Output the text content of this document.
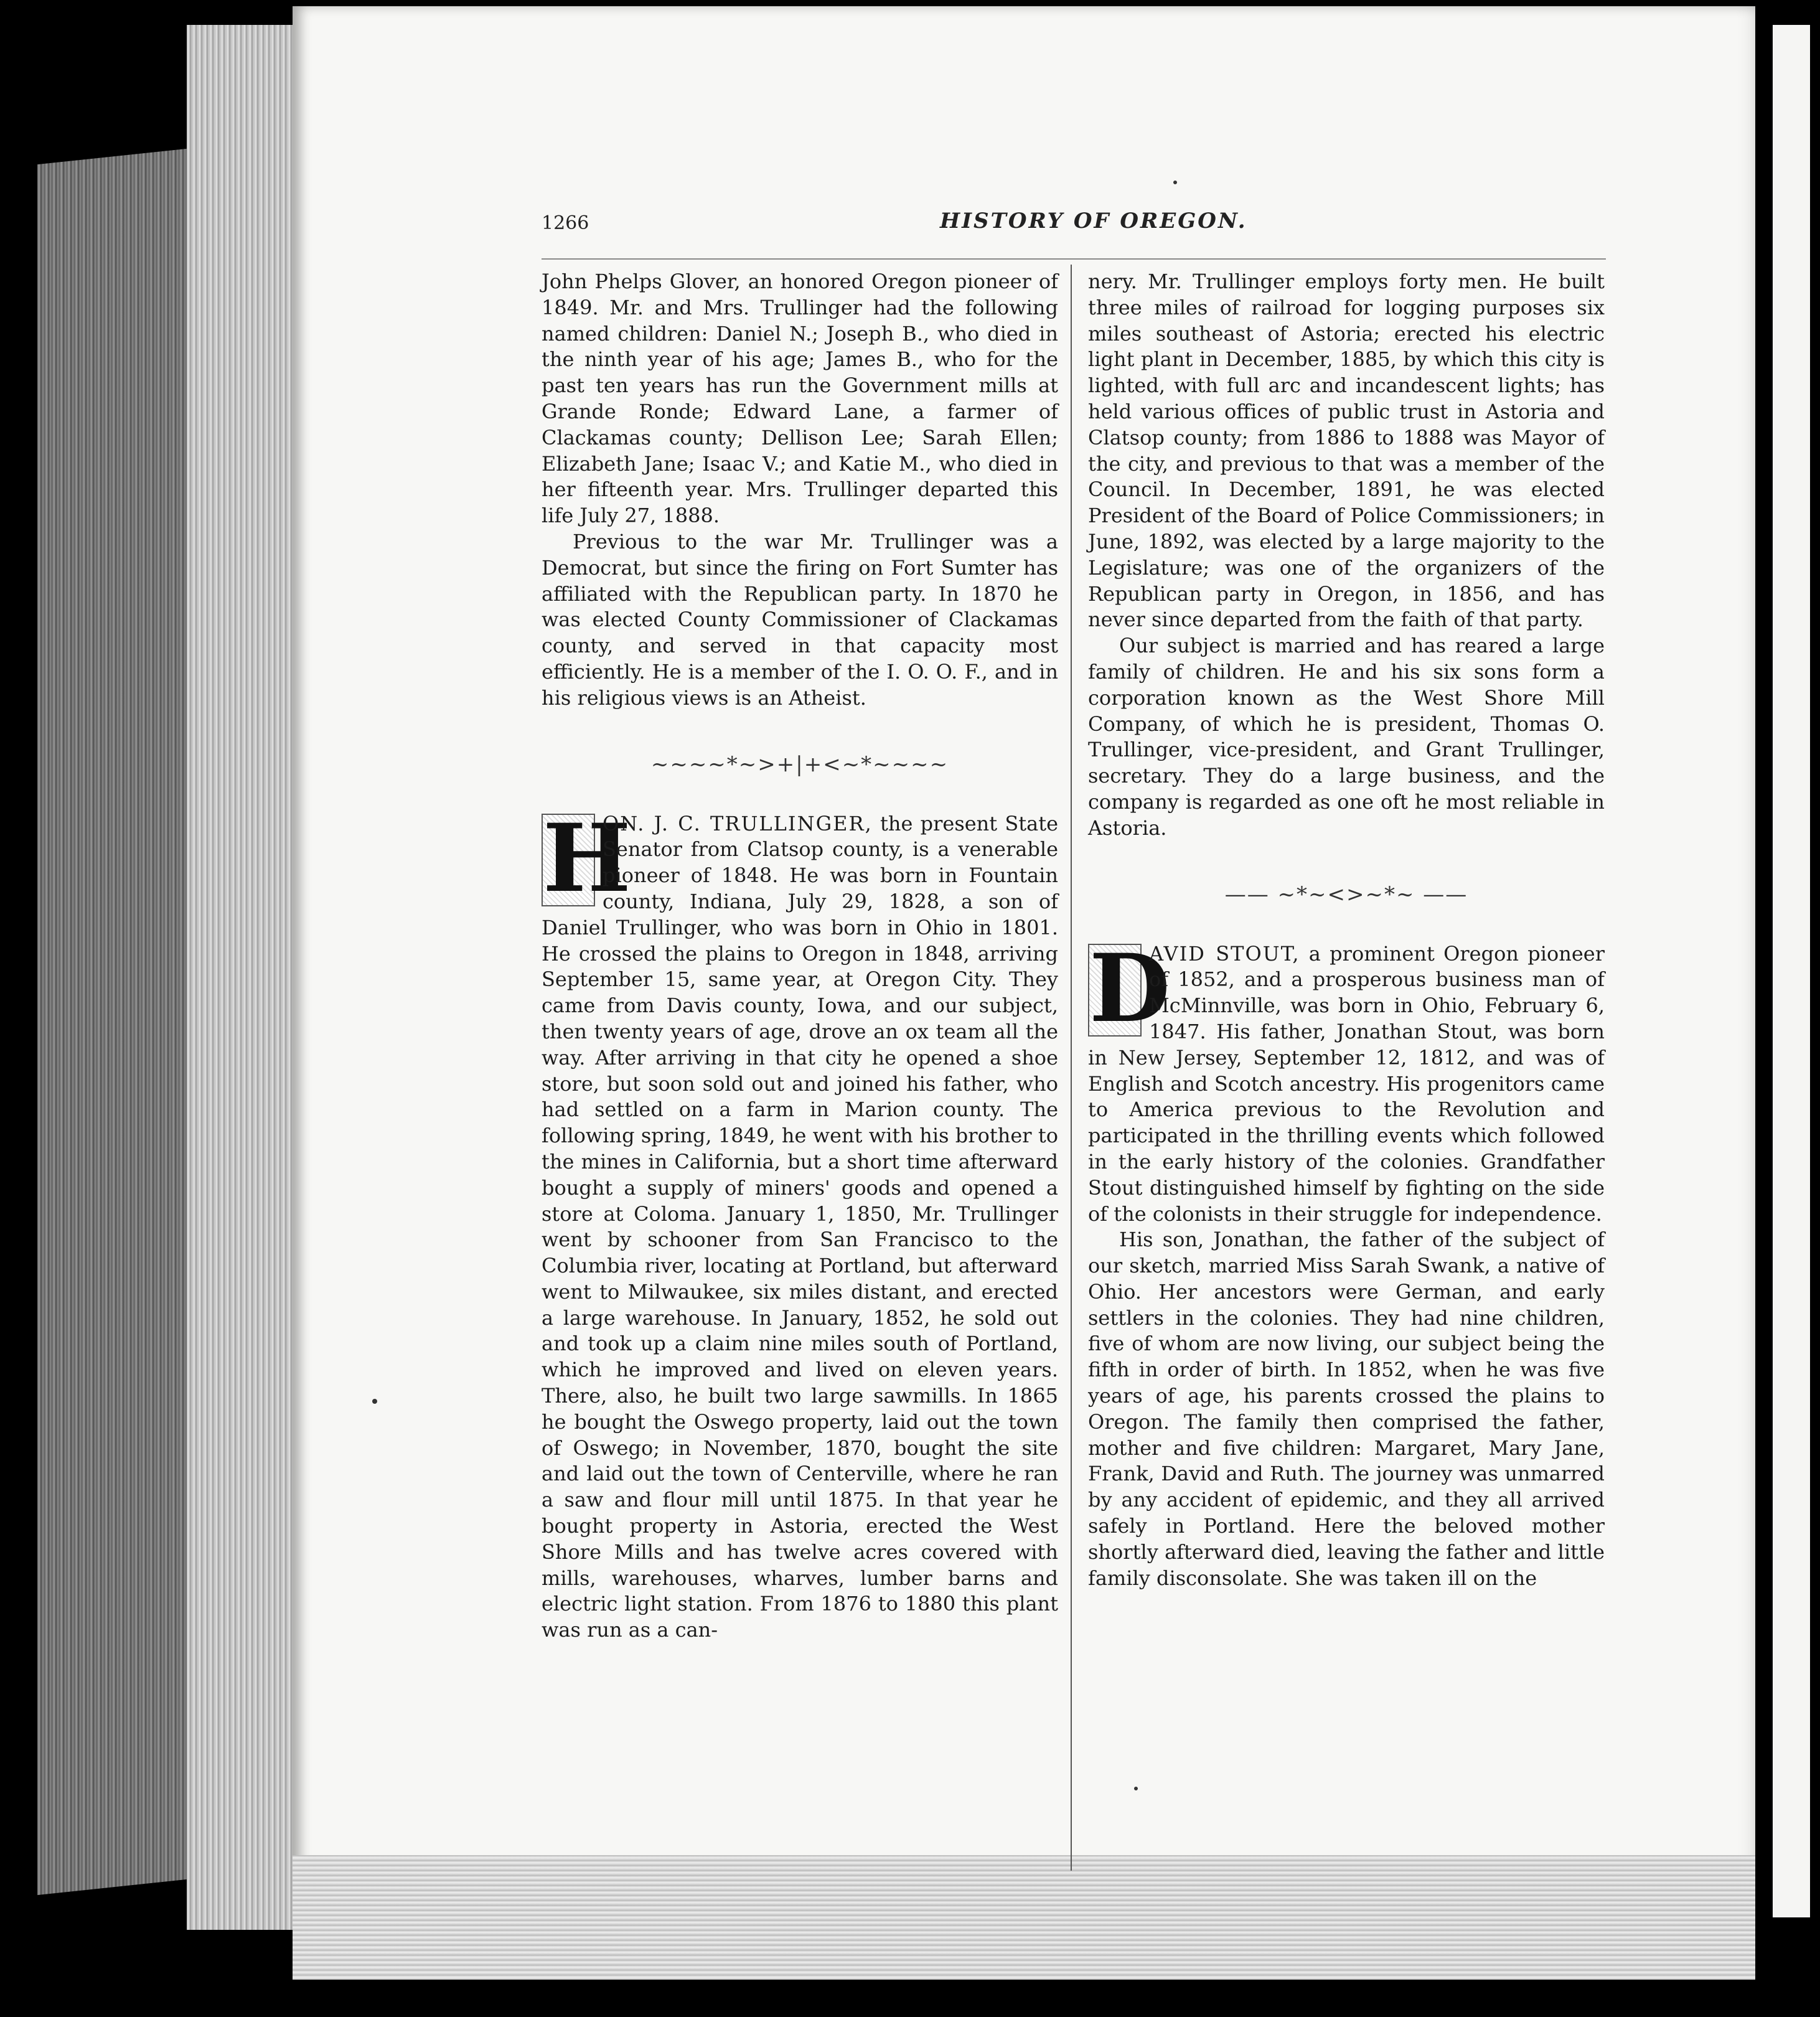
1266	HISTORY OF OREGON.

John Phelps Glover, an honored Oregon pioneer of 1849. Mr. and Mrs. Trullinger had the following named children: Daniel N.; Joseph B., who died in the ninth year of his age; James B., who for the past ten years has run the Government mills at Grande Ronde; Edward Lane, a farmer of Clackamas county; Dellison Lee; Sarah Ellen; Elizabeth Jane; Isaac V.; and Katie M., who died in her fifteenth year. Mrs. Trullinger departed this life July 27, 1888.

Previous to the war Mr. Trullinger was a Democrat, but since the firing on Fort Sumter has affiliated with the Republican party. In 1870 he was elected County Commissioner of Clackamas county, and served in that capacity most efficiently. He is a member of the I. O. O. F., and in his religious views is an Atheist.

~~~~*~>+|+<~*~~~~

H
ON. J. C. TRULLINGER, the present State Senator from Clatsop county, is a venerable pioneer of 1848. He was born in Fountain county, Indiana, July 29, 1828, a son of Daniel Trullinger, who was born in Ohio in 1801. He crossed the plains to Oregon in 1848, arriving September 15, same year, at Oregon City. They came from Davis county, Iowa, and our subject, then twenty years of age, drove an ox team all the way. After arriving in that city he opened a shoe store, but soon sold out and joined his father, who had settled on a farm in Marion county. The following spring, 1849, he went with his brother to the mines in California, but a short time afterward bought a supply of miners' goods and opened a store at Coloma. January 1, 1850, Mr. Trullinger went by schooner from San Francisco to the Columbia river, locating at Portland, but afterward went to Milwaukee, six miles distant, and erected a large warehouse. In January, 1852, he sold out and took up a claim nine miles south of Portland, which he improved and lived on eleven years. There, also, he built two large sawmills. In 1865 he bought the Oswego property, laid out the town of Oswego; in November, 1870, bought the site and laid out the town of Centerville, where he ran a saw and flour mill until 1875. In that year he bought property in Astoria, erected the West Shore Mills and has twelve acres covered with mills, warehouses, wharves, lumber barns and electric light station. From 1876 to 1880 this plant was run as a can-

nery. Mr. Trullinger employs forty men. He built three miles of railroad for logging purposes six miles southeast of Astoria; erected his electric light plant in December, 1885, by which this city is lighted, with full arc and incandescent lights; has held various offices of public trust in Astoria and Clatsop county; from 1886 to 1888 was Mayor of the city, and previous to that was a member of the Council. In December, 1891, he was elected President of the Board of Police Commissioners; in June, 1892, was elected by a large majority to the Legislature; was one of the organizers of the Republican party in Oregon, in 1856, and has never since departed from the faith of that party.

Our subject is married and has reared a large family of children. He and his six sons form a corporation known as the West Shore Mill Company, of which he is president, Thomas O. Trullinger, vice-president, and Grant Trullinger, secretary. They do a large business, and the company is regarded as one oft he most reliable in Astoria.

—— ~*~<>~*~ ——

D
AVID STOUT, a prominent Oregon pioneer of 1852, and a prosperous business man of McMinnville, was born in Ohio, February 6, 1847. His father, Jonathan Stout, was born in New Jersey, September 12, 1812, and was of English and Scotch ancestry. His progenitors came to America previous to the Revolution and participated in the thrilling events which followed in the early history of the colonies. Grandfather Stout distinguished himself by fighting on the side of the colonists in their struggle for independence.

His son, Jonathan, the father of the subject of our sketch, married Miss Sarah Swank, a native of Ohio. Her ancestors were German, and early settlers in the colonies. They had nine children, five of whom are now living, our subject being the fifth in order of birth. In 1852, when he was five years of age, his parents crossed the plains to Oregon. The family then comprised the father, mother and five children: Margaret, Mary Jane, Frank, David and Ruth. The journey was unmarred by any accident of epidemic, and they all arrived safely in Portland. Here the beloved mother shortly afterward died, leaving the father and little family disconsolate. She was taken ill on the
